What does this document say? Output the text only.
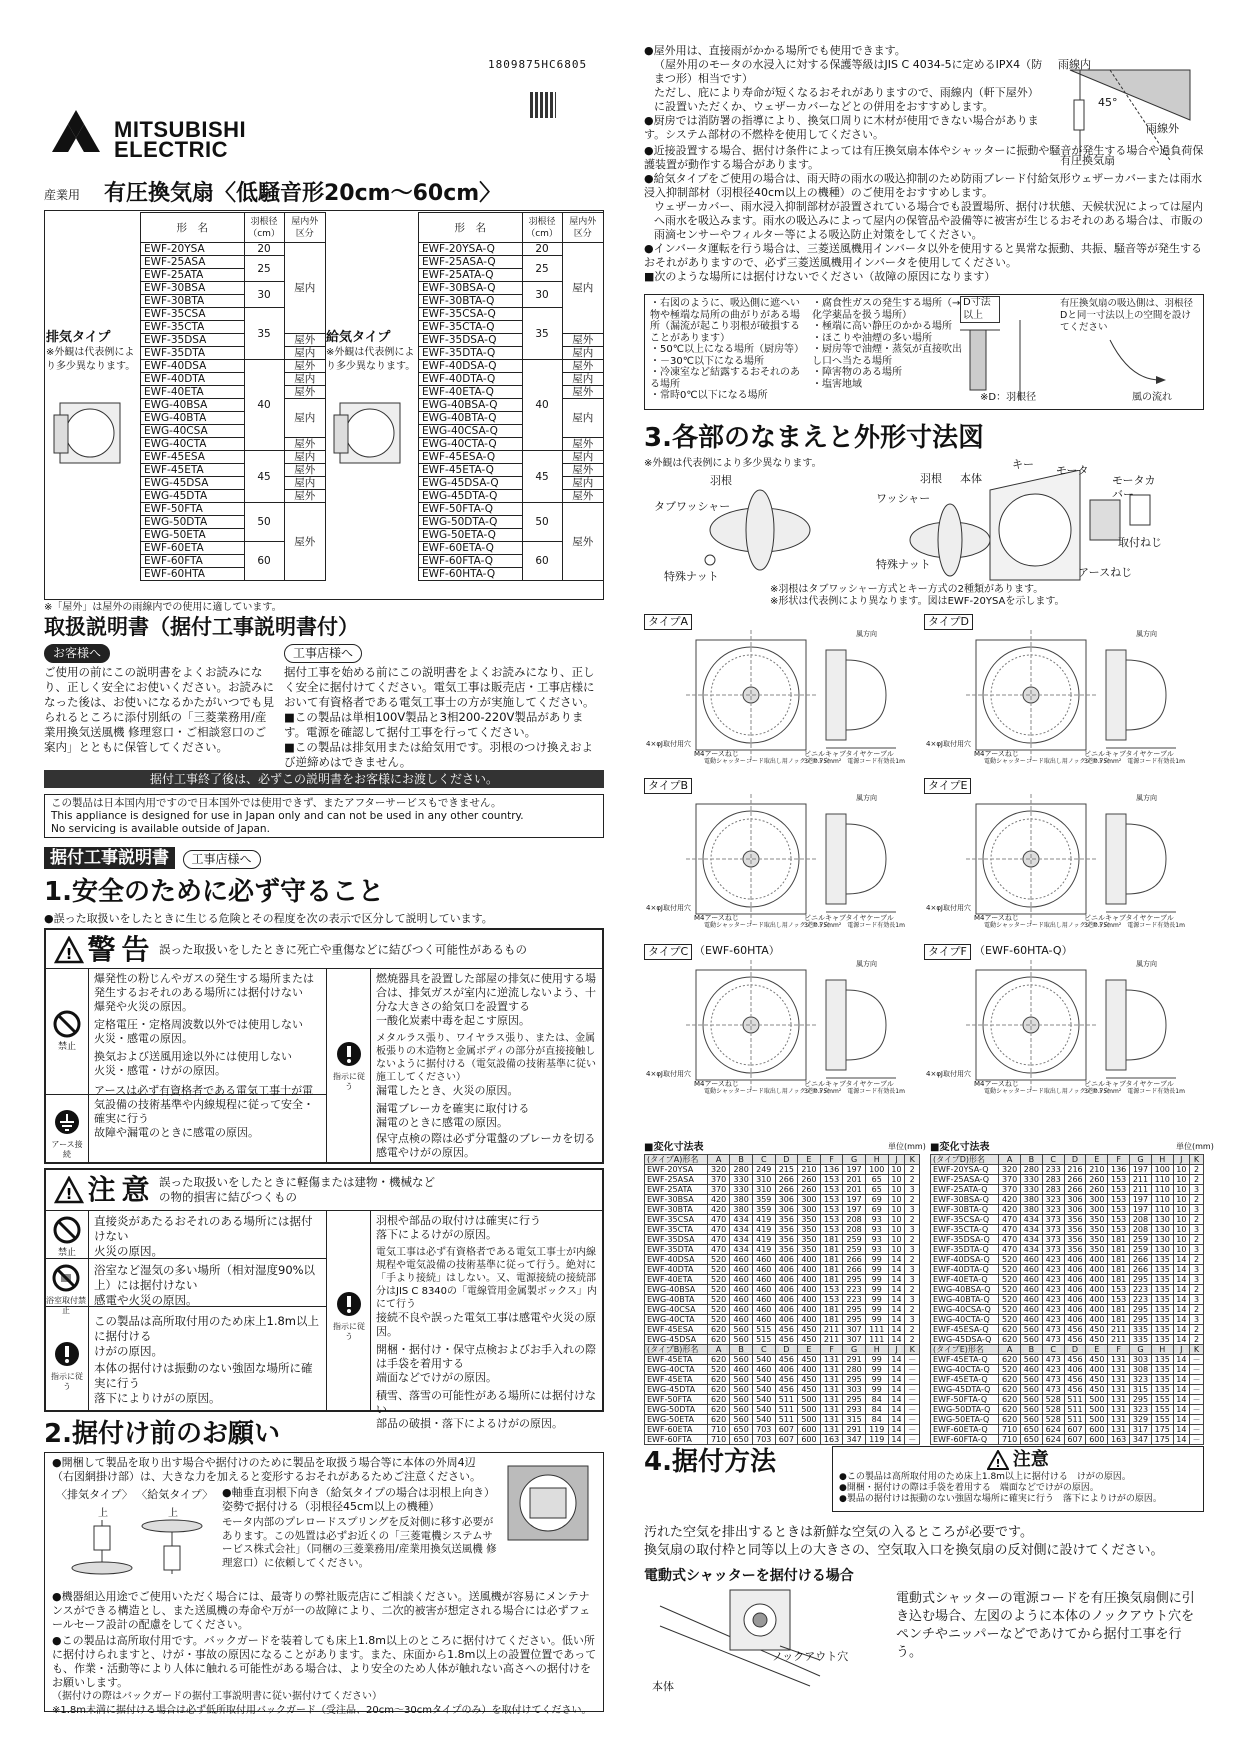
1809875HC6805
MITSUBISHI
ELECTRIC
産業用 有圧換気扇〈低騒音形20cm～60cm〉
排気タイプ
※外観は代表例により多少異なります。
給気タイプ
※外観は代表例により多少異なります。
形　名	羽根径（cm）	屋内外区分
EWF-20YSA	20	屋内
EWF-25ASA	25	
EWF-25ATA		
EWF-30BSA	30	
EWF-30BTA		
EWF-35CSA	35	
EWF-35CTA		
EWF-35DSA		屋外
EWF-35DTA		屋内
EWF-40DSA	40	屋外
EWF-40DTA		屋内
EWF-40ETA		屋外
EWG-40BSA		屋内
EWG-40BTA		
EWG-40CSA		
EWG-40CTA		屋外
EWF-45ESA	45	屋内
EWF-45ETA		屋外
EWG-45DSA		屋内
EWG-45DTA		屋外
EWF-50FTA	50	屋外
EWG-50DTA		
EWG-50ETA		
EWF-60ETA	60	
EWF-60FTA		
EWF-60HTA		
形　名	羽根径（cm）	屋内外区分
EWF-20YSA-Q	20	屋内
EWF-25ASA-Q	25	
EWF-25ATA-Q		
EWF-30BSA-Q	30	
EWF-30BTA-Q		
EWF-35CSA-Q	35	
EWF-35CTA-Q		
EWF-35DSA-Q		屋外
EWF-35DTA-Q		屋内
EWF-40DSA-Q	40	屋外
EWF-40DTA-Q		屋内
EWF-40ETA-Q		屋外
EWG-40BSA-Q		屋内
EWG-40BTA-Q		
EWG-40CSA-Q		
EWG-40CTA-Q		屋外
EWF-45ESA-Q	45	屋内
EWF-45ETA-Q		屋外
EWG-45DSA-Q		屋内
EWG-45DTA-Q		屋外
EWF-50FTA-Q	50	屋外
EWG-50DTA-Q		
EWG-50ETA-Q		
EWF-60ETA-Q	60	
EWF-60FTA-Q		
EWF-60HTA-Q		
※「屋外」は屋外の雨線内での使用に適しています。
取扱説明書（据付工事説明書付）
お客様へ
ご使用の前にこの説明書をよくお読みになり、正しく安全にお使いください。お読みになった後は、お使いになるかたがいつでも見られるところに添付別紙の「三菱業務用/産業用換気送風機 修理窓口・ご相談窓口のご案内」とともに保管してください。
工事店様へ
据付工事を始める前にこの説明書をよくお読みになり、正しく安全に据付けてください。電気工事は販売店・工事店様において有資格者である電気工事士の方が実施してください。
■この製品は単相100V製品と3相200-220V製品があります。電源を確認して据付工事を行ってください。
■この製品は排気用または給気用です。羽根のつけ換えおよび逆締めはできません。
据付工事終了後は、必ずこの説明書をお客様にお渡しください。
この製品は日本国内用ですので日本国外では使用できず、またアフターサービスもできません。
This appliance is designed for use in Japan only and can not be used in any other country.
No servicing is available outside of Japan.
据付工事説明書 工事店様へ
1.安全のために必ず守ること
●誤った取扱いをしたときに生じる危険とその程度を次の表示で区分して説明しています。
! 警告 誤った取扱いをしたときに死亡や重傷などに結びつく可能性があるもの
禁止
アース接続
指示に従う
爆発性の粉じんやガスの発生する場所または発生するおそれのある場所には据付けない
爆発や火災の原因。
定格電圧・定格周波数以外では使用しない
火災・感電の原因。
換気および送風用途以外には使用しない
火災・感電・けがの原因。
アースは必ず有資格者である電気工事士が電気設備の技術基準や内線規程に従って安全・確実に行う
故障や漏電のときに感電の原因。
燃焼器具を設置した部屋の排気に使用する場合は、排気ガスが室内に逆流しないよう、十分な大きさの給気口を設置する
一酸化炭素中毒を起こす原因。
メタルラス張り、ワイヤラス張り、または、金属板張りの木造物と金属ボディの部分が直接接触しないように据付ける（電気設備の技術基準に従い施工してください）
漏電したとき、火災の原因。
漏電ブレーカを確実に取付ける
漏電のときに感電の原因。
保守点検の際は必ず分電盤のブレーカを切る
感電やけがの原因。
! 注意 誤った取扱いをしたときに軽傷または建物・機械などの物的損害に結びつくもの
禁止
浴室取付禁止
指示に従う
指示に従う
直接炎があたるおそれのある場所には据付けない
火災の原因。
浴室など湿気の多い場所（相対湿度90%以上）には据付けない
感電や火災の原因。
この製品は高所取付用のため床上1.8m以上に据付ける
けがの原因。
本体の据付けは振動のない強固な場所に確実に行う
落下によりけがの原因。
羽根や部品の取付けは確実に行う
落下によるけがの原因。
電気工事は必ず有資格者である電気工事士が内線規程や電気設備の技術基準に従って行う。絶対に「手より接続」はしない。又、電源接続の接続部分はJIS C 8340の「電線管用金属製ボックス」内にて行う
接続不良や誤った電気工事は感電や火災の原因。
開梱・据付け・保守点検およびお手入れの際は手袋を着用する
端面などでけがの原因。
積雪、落雪の可能性がある場所には据付けない
部品の破損・落下によるけがの原因。
2.据付け前のお願い
●開梱して製品を取り出す場合や据付けのために製品を取扱う場合等に本体の外周4辺（右図網掛け部）は、大きな力を加えると変形するおそれがあるためご注意ください。
〈排気タイプ〉 〈給気タイプ〉
上	上
●軸垂直羽根下向き（給気タイプの場合は羽根上向き）姿勢で据付ける（羽根径45cm以上の機種）
モータ内部のプレロードスプリングを反対側に移す必要があります。この処置は必ずお近くの「三菱電機システムサービス株式会社」（同梱の三菱業務用/産業用換気送風機 修理窓口）に依頼してください。
●機器組込用途でご使用いただく場合には、最寄りの弊社販売店にご相談ください。送風機が容易にメンテナンスができる構造とし、また送風機の寿命や万が一の故障により、二次的被害が想定される場合には必ずフェールセーフ設計の配慮をしてください。
●この製品は高所取付用です。バックガードを装着しても床上1.8m以上のところに据付けてください。低い所に据付けられますと、けが・事故の原因になることがあります。また、床面から1.8m以上の設置位置であっても、作業・活動等により人体に触れる可能性がある場合は、より安全のため人体が触れない高さへの据付けをお願いします。
（据付けの際はバックガードの据付工事説明書に従い据付けてください）
※1.8m未満に据付ける場合は必ず低所取付用バックガード（受注品、20cm～30cmタイプのみ）を取付けてください。
●屋外用は、直接雨がかかる場所でも使用できます。
（屋外用のモータの水浸入に対する保護等級はJIS C 4034-5に定めるIPX4（防まつ形）相当です）
ただし、庇により寿命が短くなるおそれがありますので、雨線内（軒下屋外）に設置いただくか、ウェザーカバーなどとの併用をおすすめします。
●厨房では消防署の指導により、換気口周りに木材が使用できない場合があります。システム部材の不燃枠を使用してください。
雨線内
雨線外
45°
有圧換気扇
●近接設置する場合、据付け条件によっては有圧換気扇本体やシャッターに振動や騒音が発生する場合や過負荷保護装置が動作する場合があります。
●給気タイプをご使用の場合は、雨天時の雨水の吸込抑制のため防雨ブレード付給気形ウェザーカバーまたは雨水浸入抑制部材（羽根径40cm以上の機種）のご使用をおすすめします。
ウェザーカバー、雨水浸入抑制部材が設置されている場合でも設置場所、据付け状態、天候状況によっては屋内へ雨水を吸込みます。雨水の吸込みによって屋内の保管品や設備等に被害が生じるおそれのある場合は、市販の雨滴センサーやフィルター等による吸込防止対策をしてください。
●インバータ運転を行う場合は、三菱送風機用インバータ以外を使用すると異常な振動、共振、騒音等が発生するおそれがありますので、必ず三菱送風機用インバータを使用してください。
■次のような場所には据付けないでください（故障の原因になります）
・ 右図のように、吸込側に遮へい物や極端な局所の曲がりがある場所（漏流が起こり羽根が破損することがあります）
・ 50℃以上になる場所（厨房等）
・ －30℃以下になる場所
・ 冷凍室など結露するおそれのある場所
・ 常時0℃以下になる場所
・ 腐食性ガスの発生する場所（→化学薬品を扱う場所）
・ 極端に高い静圧のかかる場所
・ ほこりや油煙の多い場所
・ 厨房等で油煙・蒸気が直接吹出し口へ当たる場所
・ 障害物のある場所
・ 塩害地域
D寸法以上
有圧換気扇の吸込側は、羽根径Dと同一寸法以上の空間を設けてください
※D：羽根径	風の流れ
3.各部のなまえと外形寸法図
※外観は代表例により多少異なります。
羽根
タブワッシャー
特殊ナット
羽根 本体
キー モータ
モータカバー
ワッシャー
取付ねじ
アースねじ
特殊ナット
※羽根はタブワッシャー方式とキー方式の2種類があります。
※形状は代表例により異なります。図はEWF-20YSAを示します。
タイプA
風方向
4×φJ取付用穴
M4アースねじ
電動シャッターコード取出し用ノックアウト穴
ビニルキャブタイヤケーブル
3芯0.75mm²　電源コード有効長1m
タイプD
風方向
4×φJ取付用穴
M4アースねじ
電動シャッターコード取出し用ノックアウト穴
ビニルキャブタイヤケーブル
3芯0.75mm²　電源コード有効長1m
タイプB
風方向
4×φJ取付用穴
M4アースねじ
電動シャッターコード取出し用ノックアウト穴
ビニルキャブタイヤケーブル
3芯0.75mm²　電源コード有効長1m
タイプE
風方向
4×φJ取付用穴
M4アースねじ
電動シャッターコード取出し用ノックアウト穴
ビニルキャブタイヤケーブル
3芯0.75mm²　電源コード有効長1m
タイプC （EWF-60HTA）
風方向
4×φJ取付用穴
M4アースねじ
電動シャッターコード取出し用ノックアウト穴
ビニルキャブタイヤケーブル
3芯0.75mm²　電源コード有効長1m
タイプF （EWF-60HTA-Q）
風方向
4×φJ取付用穴
M4アースねじ
電動シャッターコード取出し用ノックアウト穴
ビニルキャブタイヤケーブル
3芯0.75mm²　電源コード有効長1m
■変化寸法表	単位(mm)
(タイプA)形名	A	B	C	D	E	F	G	H	J	K
EWF-20YSA	320	280	249	215	210	136	197	100	10	2
EWF-25ASA	370	330	310	266	260	153	201	65	10	2
EWF-25ATA	370	330	310	266	260	153	201	65	10	3
EWF-30BSA	420	380	359	306	300	153	197	69	10	2
EWF-30BTA	420	380	359	306	300	153	197	69	10	3
EWF-35CSA	470	434	419	356	350	153	208	93	10	2
EWF-35CTA	470	434	419	356	350	153	208	93	10	3
EWF-35DSA	470	434	419	356	350	181	259	93	10	2
EWF-35DTA	470	434	419	356	350	181	259	93	10	3
EWF-40DSA	520	460	460	406	400	181	266	99	14	2
EWF-40DTA	520	460	460	406	400	181	266	99	14	3
EWF-40ETA	520	460	460	406	400	181	295	99	14	3
EWG-40BSA	520	460	460	406	400	153	223	99	14	2
EWG-40BTA	520	460	460	406	400	153	223	99	14	3
EWG-40CSA	520	460	460	406	400	181	295	99	14	2
EWG-40CTA	520	460	460	406	400	181	295	99	14	3
EWF-45ESA	620	560	515	456	450	211	307	111	14	2
EWG-45DSA	620	560	515	456	450	211	307	111	14	2
(タイプB)形名	A	B	C	D	E	F	G	H	J	K
EWF-45ETA	620	560	540	456	450	131	291	99	14	－
EWG-40CTA	520	460	460	406	400	131	280	99	14	－
EWF-45ETA	620	560	540	456	450	131	295	99	14	－
EWG-45DTA	620	560	540	456	450	131	303	99	14	－
EWF-50FTA	620	560	540	511	500	131	295	84	14	－
EWG-50DTA	620	560	540	511	500	131	293	84	14	－
EWG-50ETA	620	560	540	511	500	131	315	84	14	－
EWF-60ETA	710	650	703	607	600	131	291	119	14	－
EWF-60FTA	710	650	703	607	600	163	347	119	14	－
■変化寸法表	単位(mm)
(タイプD)形名	A	B	C	D	E	F	G	H	J	K
EWF-20YSA-Q	320	280	233	216	210	136	197	100	10	2
EWF-25ASA-Q	370	330	283	266	260	153	211	110	10	2
EWF-25ATA-Q	370	330	283	266	260	153	211	110	10	3
EWF-30BSA-Q	420	380	323	306	300	153	197	110	10	2
EWF-30BTA-Q	420	380	323	306	300	153	197	110	10	3
EWF-35CSA-Q	470	434	373	356	350	153	208	130	10	2
EWF-35CTA-Q	470	434	373	356	350	153	208	130	10	3
EWF-35DSA-Q	470	434	373	356	350	181	259	130	10	2
EWF-35DTA-Q	470	434	373	356	350	181	259	130	10	3
EWF-40DSA-Q	520	460	423	406	400	181	266	135	14	2
EWF-40DTA-Q	520	460	423	406	400	181	266	135	14	3
EWF-40ETA-Q	520	460	423	406	400	181	295	135	14	3
EWG-40BSA-Q	520	460	423	406	400	153	223	135	14	2
EWG-40BTA-Q	520	460	423	406	400	153	223	135	14	3
EWG-40CSA-Q	520	460	423	406	400	181	295	135	14	2
EWG-40CTA-Q	520	460	423	406	400	181	295	135	14	3
EWF-45ESA-Q	620	560	473	456	450	211	335	135	14	2
EWG-45DSA-Q	620	560	473	456	450	211	335	135	14	2
(タイプE)形名	A	B	C	D	E	F	G	H	J	K
EWF-45ETA-Q	620	560	473	456	450	131	303	135	14	－
EWG-40CTA-Q	520	460	423	406	400	131	308	135	14	－
EWF-45ETA-Q	620	560	473	456	450	131	323	135	14	－
EWG-45DTA-Q	620	560	473	456	450	131	315	135	14	－
EWF-50FTA-Q	620	560	528	511	500	131	295	155	14	－
EWG-50DTA-Q	620	560	528	511	500	131	323	155	14	－
EWG-50ETA-Q	620	560	528	511	500	131	329	155	14	－
EWF-60ETA-Q	710	650	624	607	600	131	317	175	14	－
EWF-60FTA-Q	710	650	624	607	600	163	347	175	14	－
4.据付方法	! 注意
●この製品は高所取付用のため床上1.8m以上に据付ける　けがの原因。
●開梱・据付けの際は手袋を着用する　端面などでけがの原因。
●製品の据付けは振動のない強固な場所に確実に行う　落下によりけがの原因。
汚れた空気を排出するときは新鮮な空気の入るところが必要です。
換気扇の取付枠と同等以上の大きさの、空気取入口を換気扇の反対側に設けてください。
電動式シャッターを据付ける場合
ノックアウト穴
本体
電動式シャッターの電源コードを有圧換気扇側に引き込む場合、左図のように本体のノックアウト穴をペンチやニッパーなどであけてから据付工事を行う。
